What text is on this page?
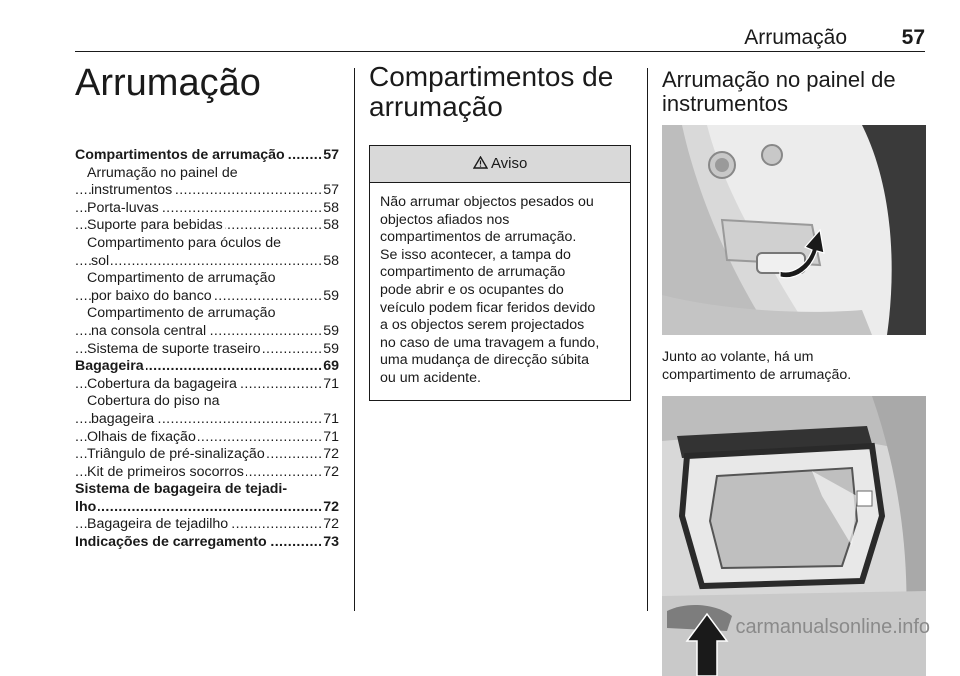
Arrumação	57
Arrumação
Compartimentos de arrumação	57
.....
Arrumação no painel de
instrumentos	57
.....
Porta-luvas	58
.....
Suporte para bebidas	58
.....
Compartimento para óculos de
sol	58
.....
Compartimento de arrumação
por baixo do banco	59
.....
Compartimento de arrumação
na consola central	59
.....
Sistema de suporte traseiro	59
.....
Bagageira	69
.....
Cobertura da bagageira	71
.....
Cobertura do piso na
bagageira	71
.....
Olhais de fixação	71
.....
Triângulo de pré-sinalização	72
.....
Kit de primeiros socorros	72
.....
Sistema de bagageira de tejadi-
lho	72
.....
Bagageira de tejadilho	72
.....
Indicações de carregamento	73
.....
Compartimentos de
arrumação
Aviso
Não arrumar objectos pesados ou
objectos afiados nos
compartimentos de arrumação.
Se isso acontecer, a tampa do
compartimento de arrumação
pode abrir e os ocupantes do
veículo podem ficar feridos devido
a os objectos serem projectados
no caso de uma travagem a fundo,
uma mudança de direcção súbita
ou um acidente.
Arrumação no painel de
instrumentos
Junto ao volante, há um
compartimento de arrumação.
carmanualsonline.info
